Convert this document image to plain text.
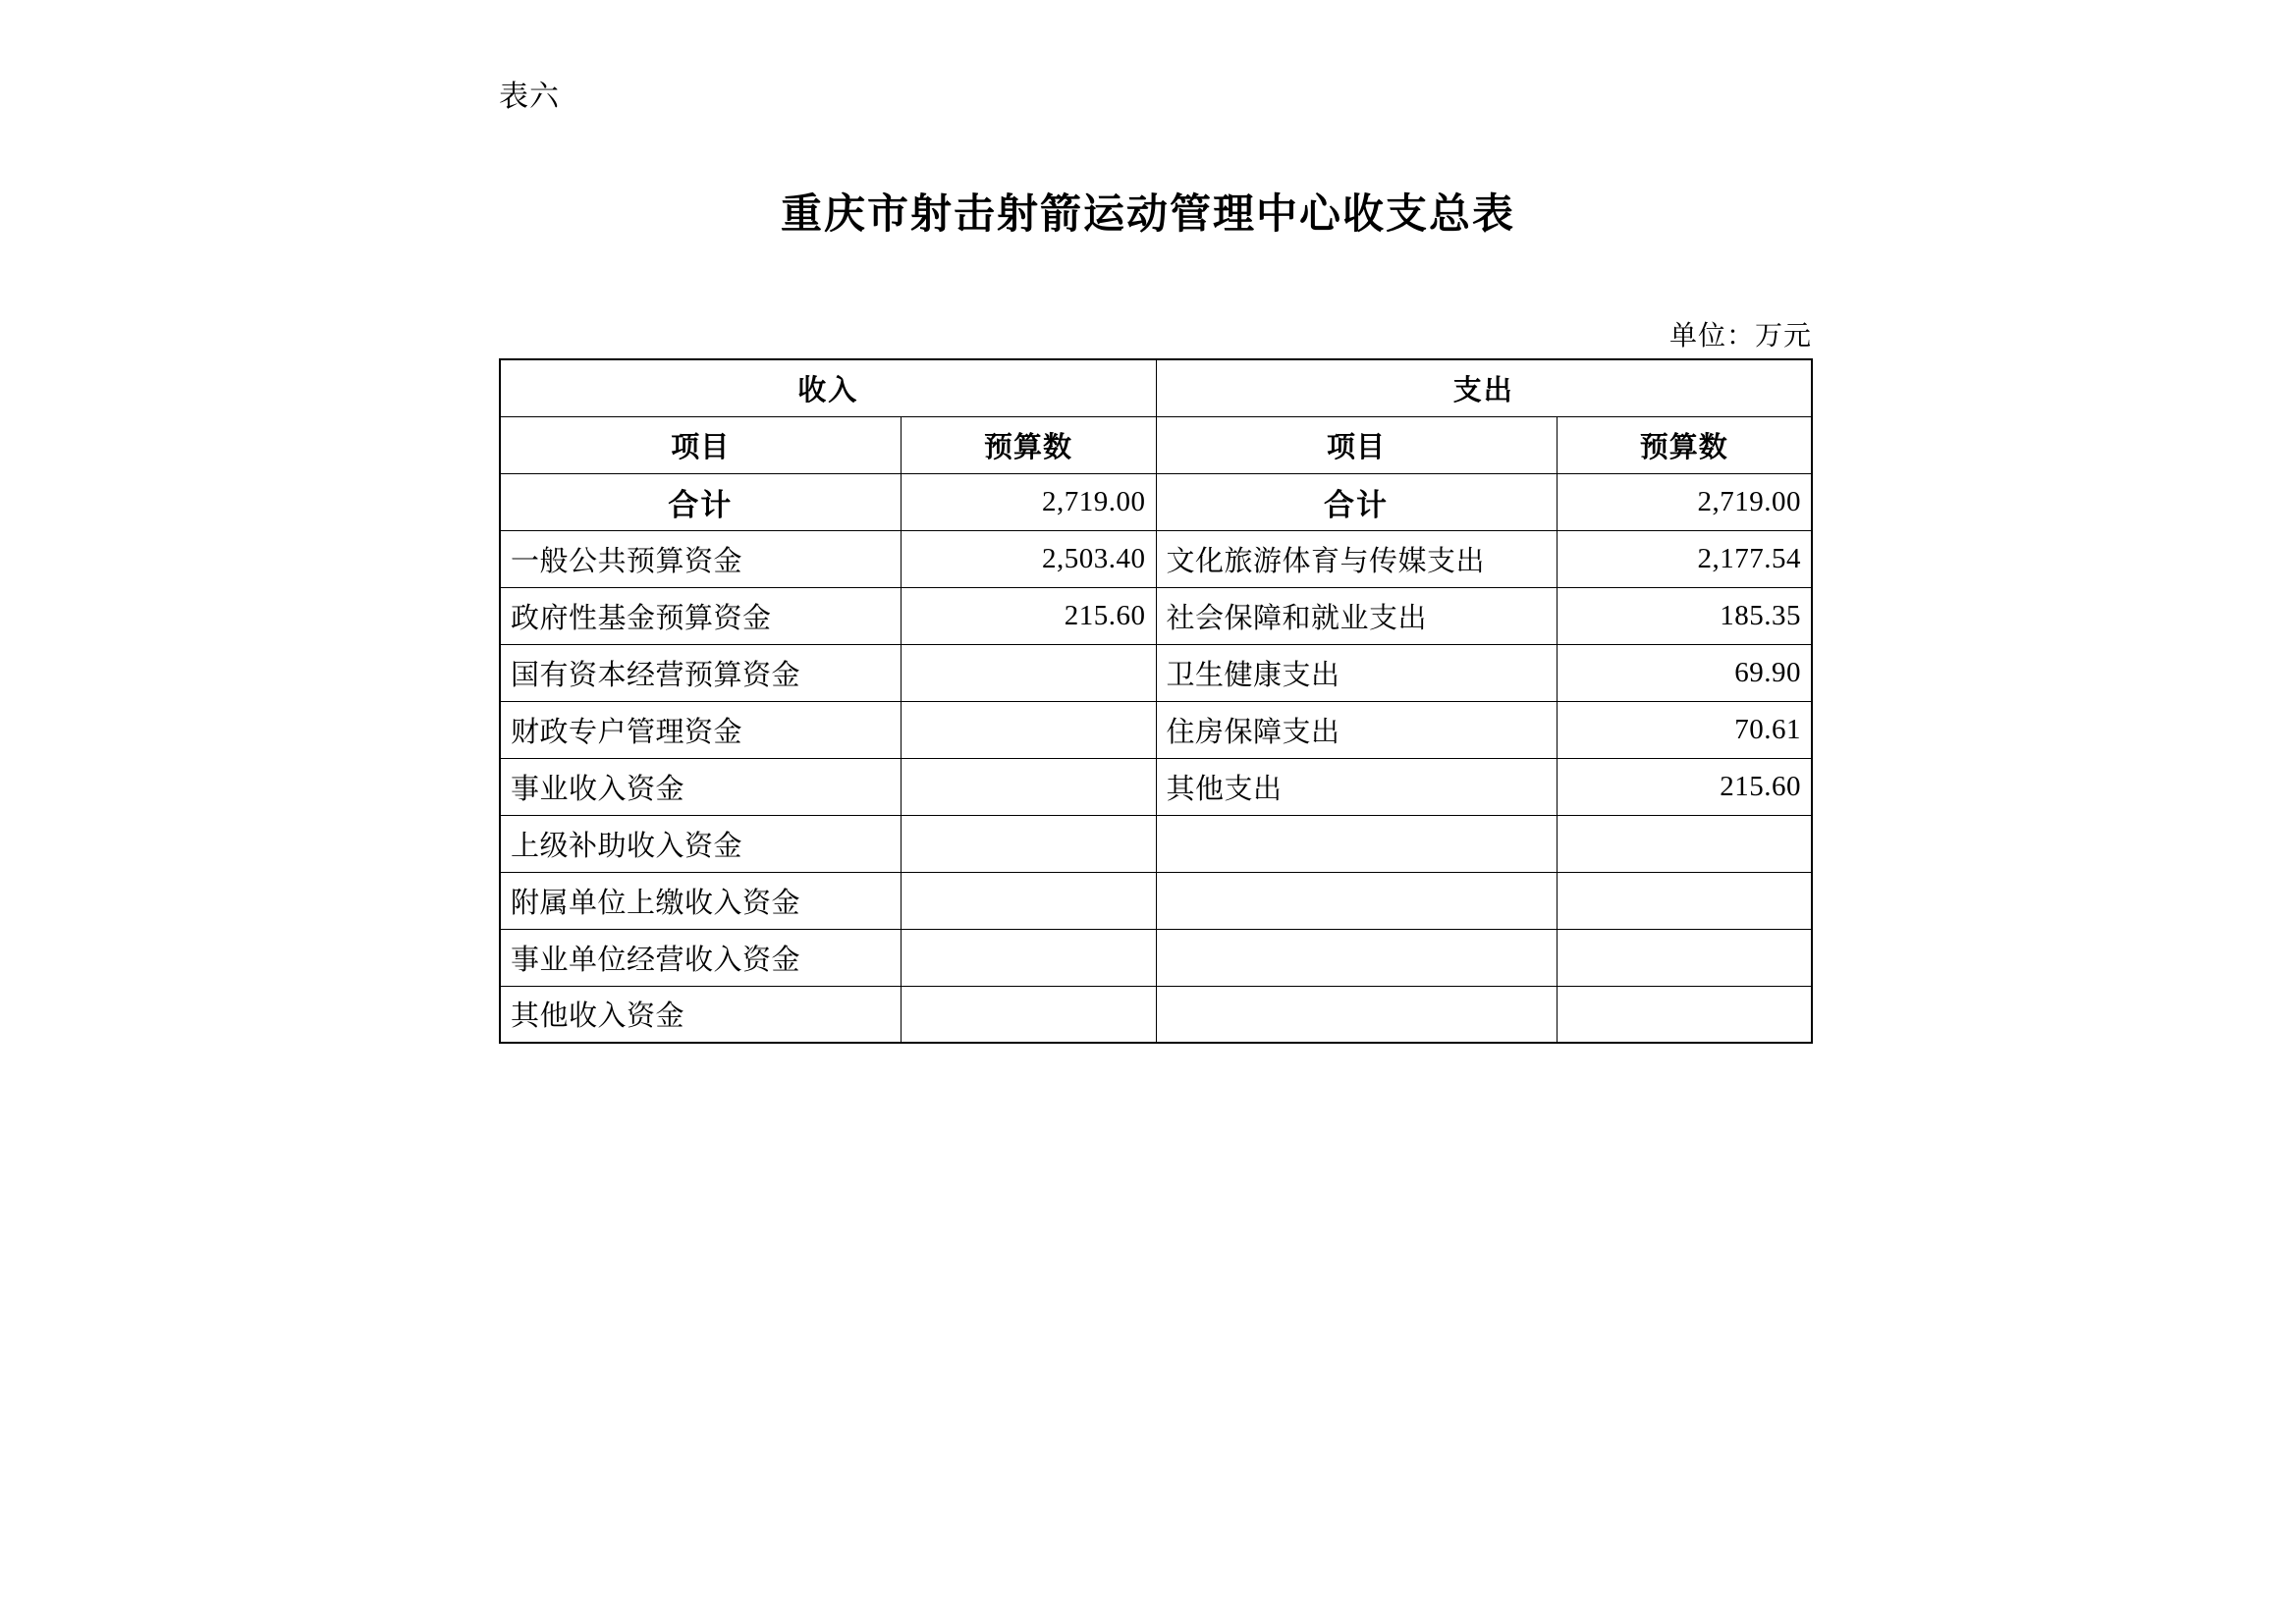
表六
重庆市射击射箭运动管理中心收支总表
单位：万元
收入		支出	
项目	预算数	项目	预算数
合计	2,719.00	合计	2,719.00
一般公共预算资金	2,503.40	文化旅游体育与传媒支出	2,177.54
政府性基金预算资金	215.60	社会保障和就业支出	185.35
国有资本经营预算资金		卫生健康支出	69.90
财政专户管理资金		住房保障支出	70.61
事业收入资金		其他支出	215.60
上级补助收入资金			
附属单位上缴收入资金			
事业单位经营收入资金			
其他收入资金			
